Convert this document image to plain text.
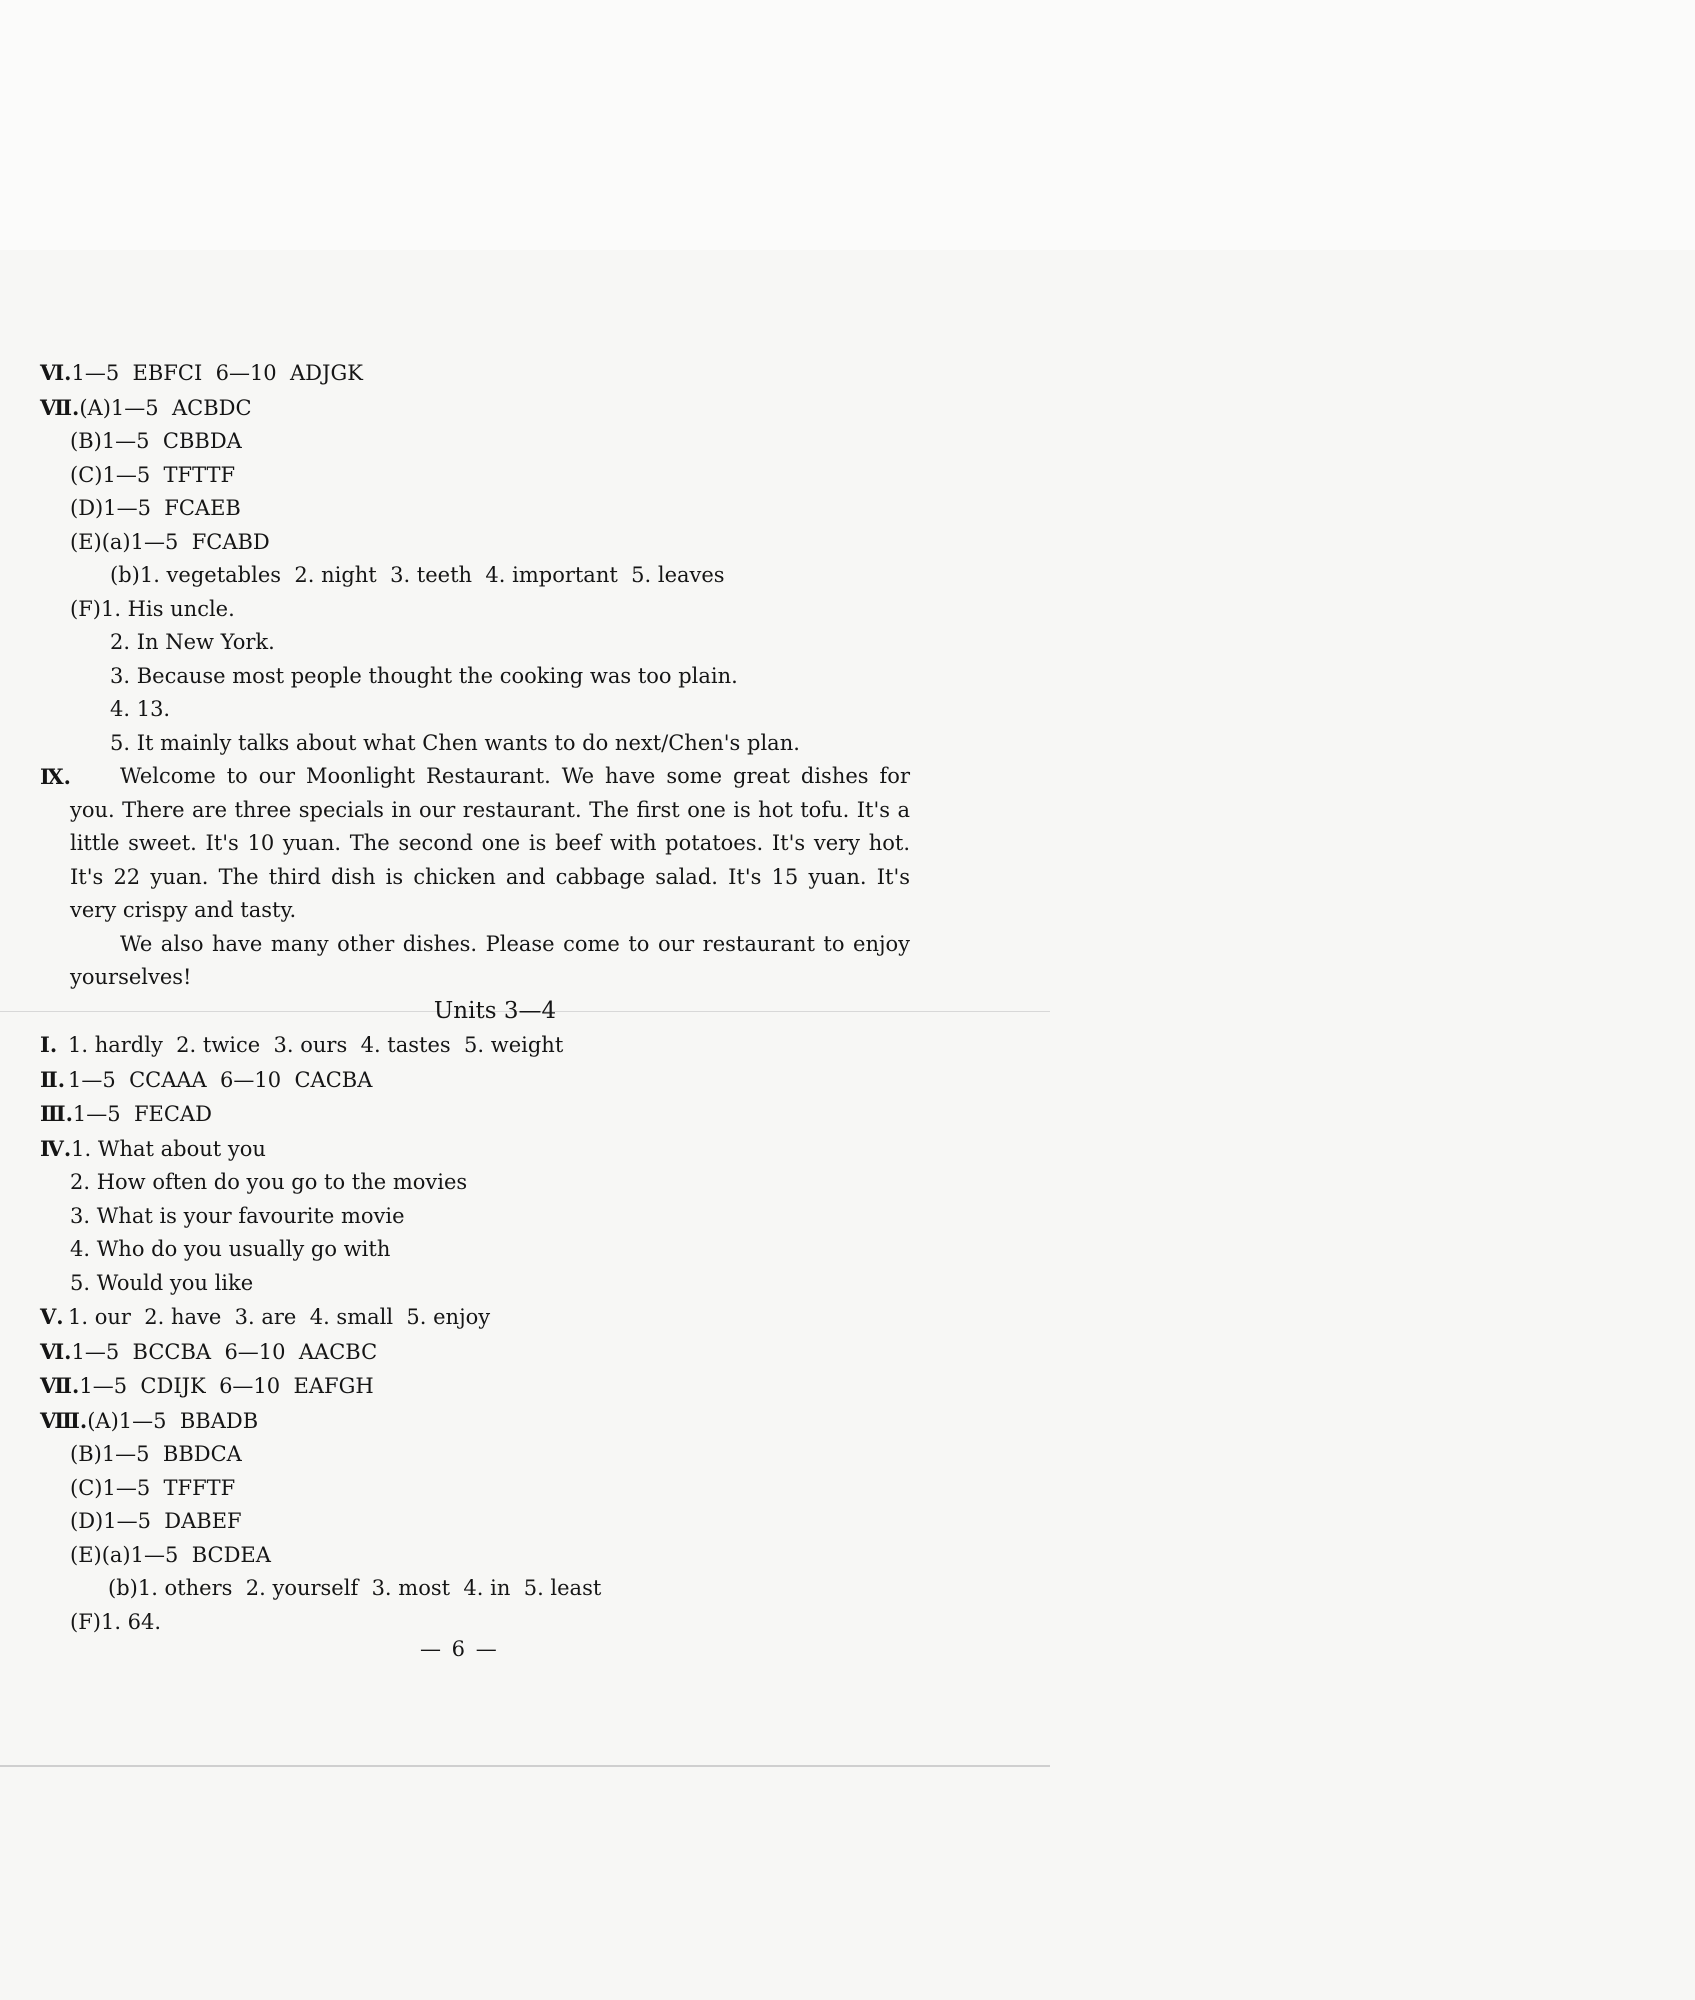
Ⅵ.1—5  EBFCI  6—10  ADJGK
Ⅶ.(A)1—5  ACBDC
(B)1—5  CBBDA
(C)1—5  TFTTF
(D)1—5  FCAEB
(E)(a)1—5  FCABD
(b)1. vegetables  2. night  3. teeth  4. important  5. leaves
(F)1. His uncle.
2. In New York.
3. Because most people thought the cooking was too plain.
4. 13.
5. It mainly talks about what Chen wants to do next/Chen's plan.
Ⅸ.	Welcome to our Moonlight Restaurant. We have some great dishes for you. There are three specials in our restaurant. The first one is hot tofu. It's a little sweet. It's 10 yuan. The second one is beef with potatoes. It's very hot. It's 22 yuan. The third dish is chicken and cabbage salad. It's 15 yuan. It's very crispy and tasty.
We also have many other dishes. Please come to our restaurant to enjoy yourselves!
Units 3—4
Ⅰ. 1. hardly  2. twice  3. ours  4. tastes  5. weight
Ⅱ. 1—5  CCAAA  6—10  CACBA
Ⅲ.1—5  FECAD
Ⅳ.1. What about you
2. How often do you go to the movies
3. What is your favourite movie
4. Who do you usually go with
5. Would you like
Ⅴ. 1. our  2. have  3. are  4. small  5. enjoy
Ⅵ.1—5  BCCBA  6—10  AACBC
Ⅶ.1—5  CDIJK  6—10  EAFGH
Ⅷ.(A)1—5  BBADB
(B)1—5  BBDCA
(C)1—5  TFFTF
(D)1—5  DABEF
(E)(a)1—5  BCDEA
(b)1. others  2. yourself  3. most  4. in  5. least
(F)1. 64.
— 6 —
